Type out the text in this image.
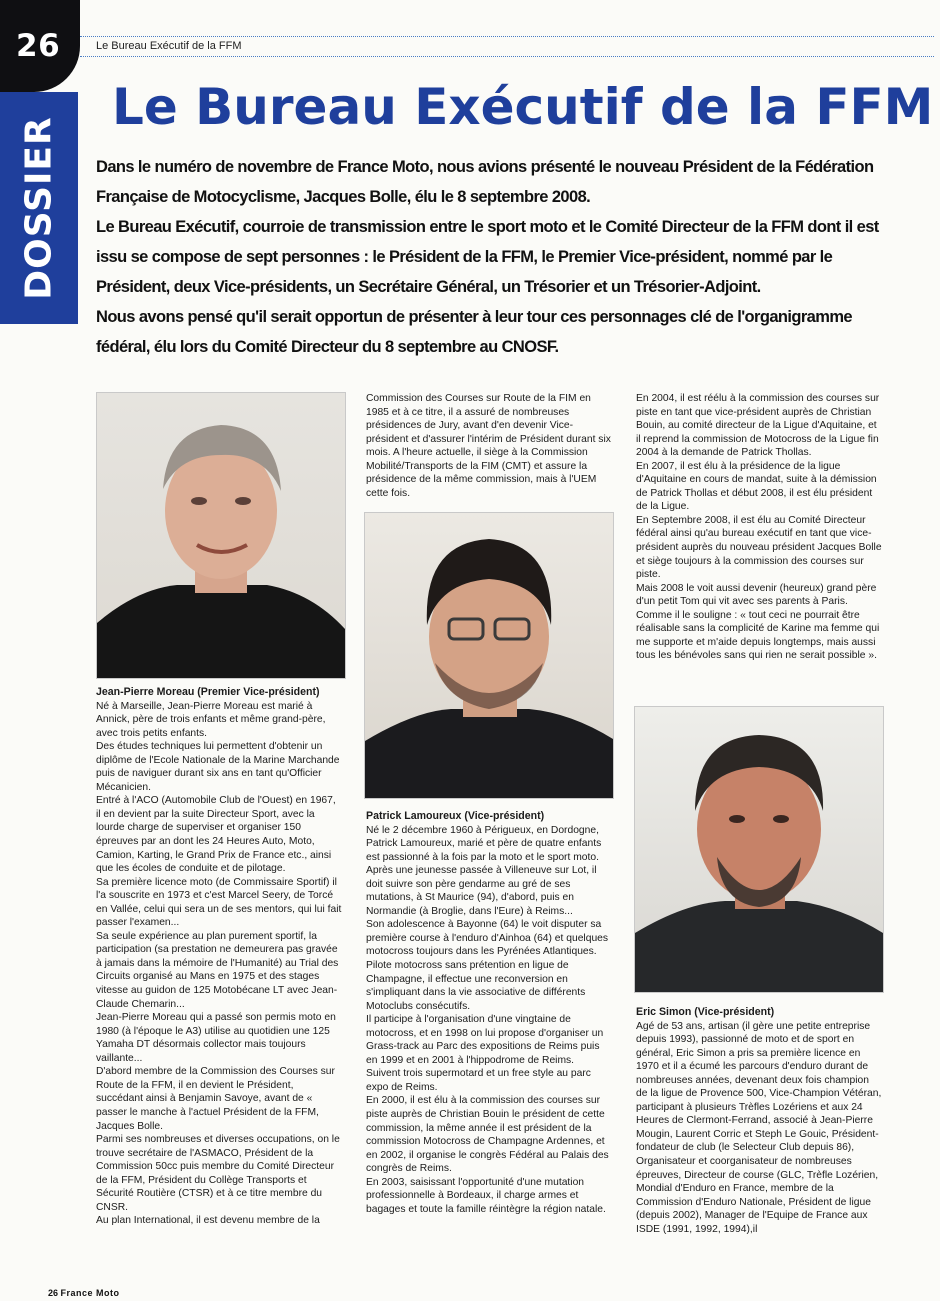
26	Le Bureau Exécutif de la FFM
DOSSIER
Le Bureau Exécutif de la FFM

Dans le numéro de novembre de France Moto, nous avions présenté le nouveau Président de la Fédération Française de Motocyclisme, Jacques Bolle, élu le 8 septembre 2008.

Le Bureau Exécutif, courroie de transmission entre le sport moto et le Comité Directeur de la FFM dont il est issu se compose de sept personnes : le Président de la FFM, le Premier Vice-président, nommé par le Président, deux Vice-présidents, un Secrétaire Général, un Trésorier et un Trésorier-Adjoint.

Nous avons pensé qu'il serait opportun de présenter à leur tour ces personnages clé de l'organigramme fédéral, élu lors du Comité Directeur du 8 septembre au CNOSF.

Jean-Pierre Moreau (Premier Vice-président)

Né à Marseille, Jean-Pierre Moreau est marié à Annick, père de trois enfants et même grand-père, avec trois petits enfants.

Des études techniques lui permettent d'obtenir un diplôme de l'Ecole Nationale de la Marine Marchande puis de naviguer durant six ans en tant qu'Officier Mécanicien.

Entré à l'ACO (Automobile Club de l'Ouest) en 1967, il en devient par la suite Directeur Sport, avec la lourde charge de superviser et organiser 150 épreuves par an dont les 24 Heures Auto, Moto, Camion, Karting, le Grand Prix de France etc., ainsi que les écoles de conduite et de pilotage.

Sa première licence moto (de Commissaire Sportif) il l'a souscrite en 1973 et c'est Marcel Seery, de Torcé en Vallée, celui qui sera un de ses mentors, qui lui fait passer l'examen...

Sa seule expérience au plan purement sportif, la participation (sa prestation ne demeurera pas gravée à jamais dans la mémoire de l'Humanité) au Trial des Circuits organisé au Mans en 1975 et des stages vitesse au guidon de 125 Motobécane LT avec Jean-Claude Chemarin...

Jean-Pierre Moreau qui a passé son permis moto en 1980 (à l'époque le A3) utilise au quotidien une 125 Yamaha DT désormais collector mais toujours vaillante...

D'abord membre de la Commission des Courses sur Route de la FFM, il en devient le Président, succédant ainsi à Benjamin Savoye, avant de « passer le manche à l'actuel Président de la FFM, Jacques Bolle.

Parmi ses nombreuses et diverses occupations, on le trouve secrétaire de l'ASMACO, Président de la Commission 50cc puis membre du Comité Directeur de la FFM, Président du Collège Transports et Sécurité Routière (CTSR) et à ce titre membre du CNSR.

Au plan International, il est devenu membre de la

Commission des Courses sur Route de la FIM en 1985 et à ce titre, il a assuré de nombreuses présidences de Jury, avant d'en devenir Vice-président et d'assurer l'intérim de Président durant six mois. A l'heure actuelle, il siège à la Commission Mobilité/Transports de la FIM (CMT) et assure la présidence de la même commission, mais à l'UEM cette fois.

Patrick Lamoureux (Vice-président)

Né le 2 décembre 1960 à Périgueux, en Dordogne, Patrick Lamoureux, marié et père de quatre enfants est passionné à la fois par la moto et le sport moto. Après une jeunesse passée à Villeneuve sur Lot, il doit suivre son père gendarme au gré de ses mutations, à St Maurice (94), d'abord, puis en Normandie (à Broglie, dans l'Eure) à Reims...

Son adolescence à Bayonne (64) le voit disputer sa première course à l'enduro d'Ainhoa (64) et quelques motocross toujours dans les Pyrénées Atlantiques.

Pilote motocross sans prétention en ligue de Champagne, il effectue une reconversion en s'impliquant dans la vie associative de différents Motoclubs consécutifs.

Il participe à l'organisation d'une vingtaine de motocross, et en 1998 on lui propose d'organiser un Grass-track au Parc des expositions de Reims puis en 1999 et en 2001 à l'hippodrome de Reims.

Suivent trois supermotard et un free style au parc expo de Reims.

En 2000, il est élu à la commission des courses sur piste auprès de Christian Bouin le président de cette commission, la même année il est président de la commission Motocross de Champagne Ardennes, et en 2002, il organise le congrès Fédéral au Palais des congrès de Reims.

En 2003, saisissant l'opportunité d'une mutation professionnelle à Bordeaux, il charge armes et bagages et toute la famille réintègre la région natale.

En 2004, il est réélu à la commission des courses sur piste en tant que vice-président auprès de Christian Bouin, au comité directeur de la Ligue d'Aquitaine, et il reprend la commission de Motocross de la Ligue fin 2004 à la demande de Patrick Thollas.

En 2007, il est élu à la présidence de la ligue d'Aquitaine en cours de mandat, suite à la démission de Patrick Thollas et début 2008, il est élu président de la Ligue.

En Septembre 2008, il est élu au Comité Directeur fédéral ainsi qu'au bureau exécutif en tant que vice-président auprès du nouveau président Jacques Bolle et siège toujours à la commission des courses sur piste.

Mais 2008 le voit aussi devenir (heureux) grand père d'un petit Tom qui vit avec ses parents à Paris. Comme il le souligne : « tout ceci ne pourrait être réalisable sans la complicité de Karine ma femme qui me supporte et m'aide depuis longtemps, mais aussi tous les bénévoles sans qui rien ne serait possible ».

Eric Simon (Vice-président)

Agé de 53 ans, artisan (il gère une petite entreprise depuis 1993), passionné de moto et de sport en général, Eric Simon a pris sa première licence en 1970 et il a écumé les parcours d'enduro durant de nombreuses années, devenant deux fois champion de la ligue de Provence 500, Vice-Champion Vétéran, participant à plusieurs Trèfles Lozériens et aux 24 Heures de Clermont-Ferrand, associé à Jean-Pierre Mougin, Laurent Corric et Steph Le Gouic, Président-fondateur de club (le Selecteur Club depuis 86), Organisateur et coorganisateur de nombreuses épreuves, Directeur de course (GLC, Trèfle Lozérien, Mondial d'Enduro en France, membre de la Commission d'Enduro Nationale, Président de ligue (depuis 2002), Manager de l'Equipe de France aux ISDE (1991, 1992, 1994),il

26 France Moto
